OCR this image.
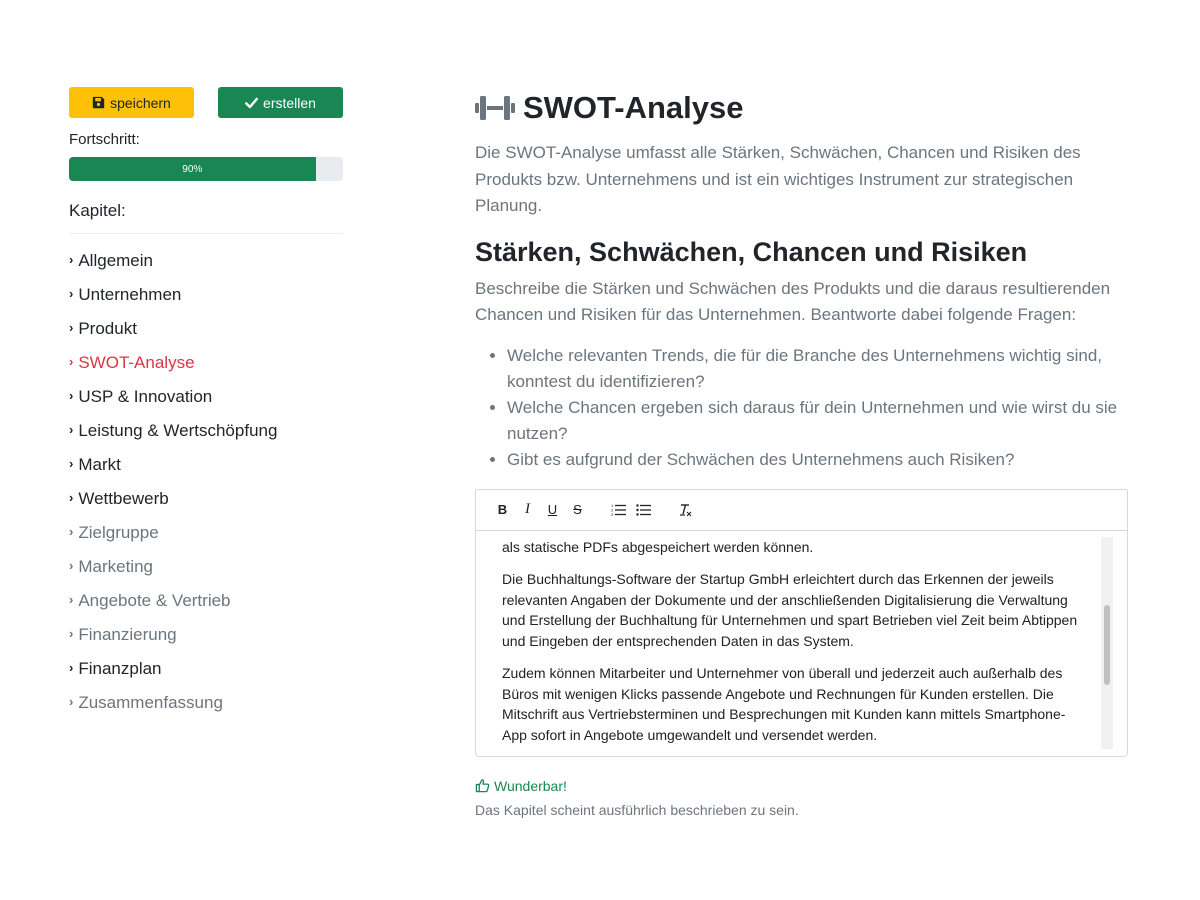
speichern	erstellen
Fortschritt:
90%
Kapitel:
› Allgemein
› Unternehmen
› Produkt
› SWOT-Analyse
› USP & Innovation
› Leistung & Wertschöpfung
› Markt
› Wettbewerb
› Zielgruppe
› Marketing
› Angebote & Vertrieb
› Finanzierung
› Finanzplan
› Zusammenfassung
SWOT-Analyse

Die SWOT-Analyse umfasst alle Stärken, Schwächen, Chancen und Risiken des Produkts bzw. Unternehmens und ist ein wichtiges Instrument zur strategischen Planung.

Stärken, Schwächen, Chancen und Risiken

Beschreibe die Stärken und Schwächen des Produkts und die daraus resultierenden Chancen und Risiken für das Unternehmen. Beantworte dabei folgende Fragen:

• Welche relevanten Trends, die für die Branche des Unternehmens wichtig sind, konntest du identifizieren?
• Welche Chancen ergeben sich daraus für dein Unternehmen und wie wirst du sie nutzen?
• Gibt es aufgrund der Schwächen des Unternehmens auch Risiken?
B	I	U	S	1
2
3

als statische PDFs abgespeichert werden können.

Die Buchhaltungs-Software der Startup GmbH erleichtert durch das Erkennen der jeweils relevanten Angaben der Dokumente und der anschließenden Digitalisierung die Verwaltung und Erstellung der Buchhaltung für Unternehmen und spart Betrieben viel Zeit beim Abtippen und Eingeben der entsprechenden Daten in das System.

Zudem können Mitarbeiter und Unternehmer von überall und jederzeit auch außerhalb des Büros mit wenigen Klicks passende Angebote und Rechnungen für Kunden erstellen. Die Mitschrift aus Vertriebsterminen und Besprechungen mit Kunden kann mittels Smartphone-App sofort in Angebote umgewandelt und versendet werden.

Wunderbar!
Das Kapitel scheint ausführlich beschrieben zu sein.
